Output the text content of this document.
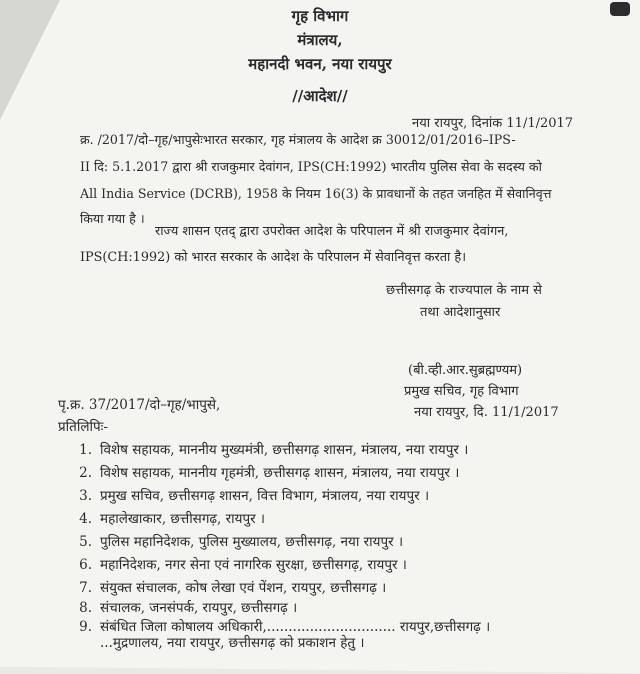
गृह विभाग
मंत्रालय,
महानदी भवन, नया रायपुर
//आदेश//
नया रायपुर, दिनांक 11/1/2017
क्र. /2017/दो–गृह/भापुसेःभारत सरकार, गृह मंत्रालय के आदेश क्र 30012/01/2016–IPS-
II दि: 5.1.2017 द्वारा श्री राजकुमार देवांगन, IPS(CH:1992) भारतीय पुलिस सेवा के सदस्य को
All India Service (DCRB), 1958 के नियम 16(3) के प्रावधानों के तहत जनहित में सेवानिवृत्त
किया गया है ।
राज्य शासन एतद् द्वारा उपरोक्त आदेश के परिपालन में श्री राजकुमार देवांगन,
IPS(CH:1992) को भारत सरकार के आदेश के परिपालन में सेवानिवृत्त करता है।
छत्तीसगढ़ के राज्यपाल के नाम से
तथा आदेशानुसार
(बी.व्ही.आर.सुब्रह्मण्यम)
प्रमुख सचिव, गृह विभाग
नया रायपुर, दि. 11/1/2017
पृ.क्र. 37/2017/दो–गृह/भापुसे,
प्रतिलिपिः-
1. विशेष सहायक, माननीय मुख्यमंत्री, छत्तीसगढ़ शासन, मंत्रालय, नया रायपुर ।
2. विशेष सहायक, माननीय गृहमंत्री, छत्तीसगढ़ शासन, मंत्रालय, नया रायपुर ।
3. प्रमुख सचिव, छत्तीसगढ़ शासन, वित्त विभाग, मंत्रालय, नया रायपुर ।
4. महालेखाकार, छत्तीसगढ़, रायपुर ।
5. पुलिस महानिदेशक, पुलिस मुख्यालय, छत्तीसगढ़, नया रायपुर ।
6. महानिदेशक, नगर सेना एवं नागरिक सुरक्षा, छत्तीसगढ़, रायपुर ।
7. संयुक्त संचालक, कोष लेखा एवं पेंशन, रायपुर, छत्तीसगढ़ ।
8. संचालक, जनसंपर्क, रायपुर, छत्तीसगढ़ ।
9. संबंधित जिला कोषालय अधिकारी,.............................. रायपुर,छत्तीसगढ़ ।
...मुद्रणालय, नया रायपुर, छत्तीसगढ़ को प्रकाशन हेतु ।
